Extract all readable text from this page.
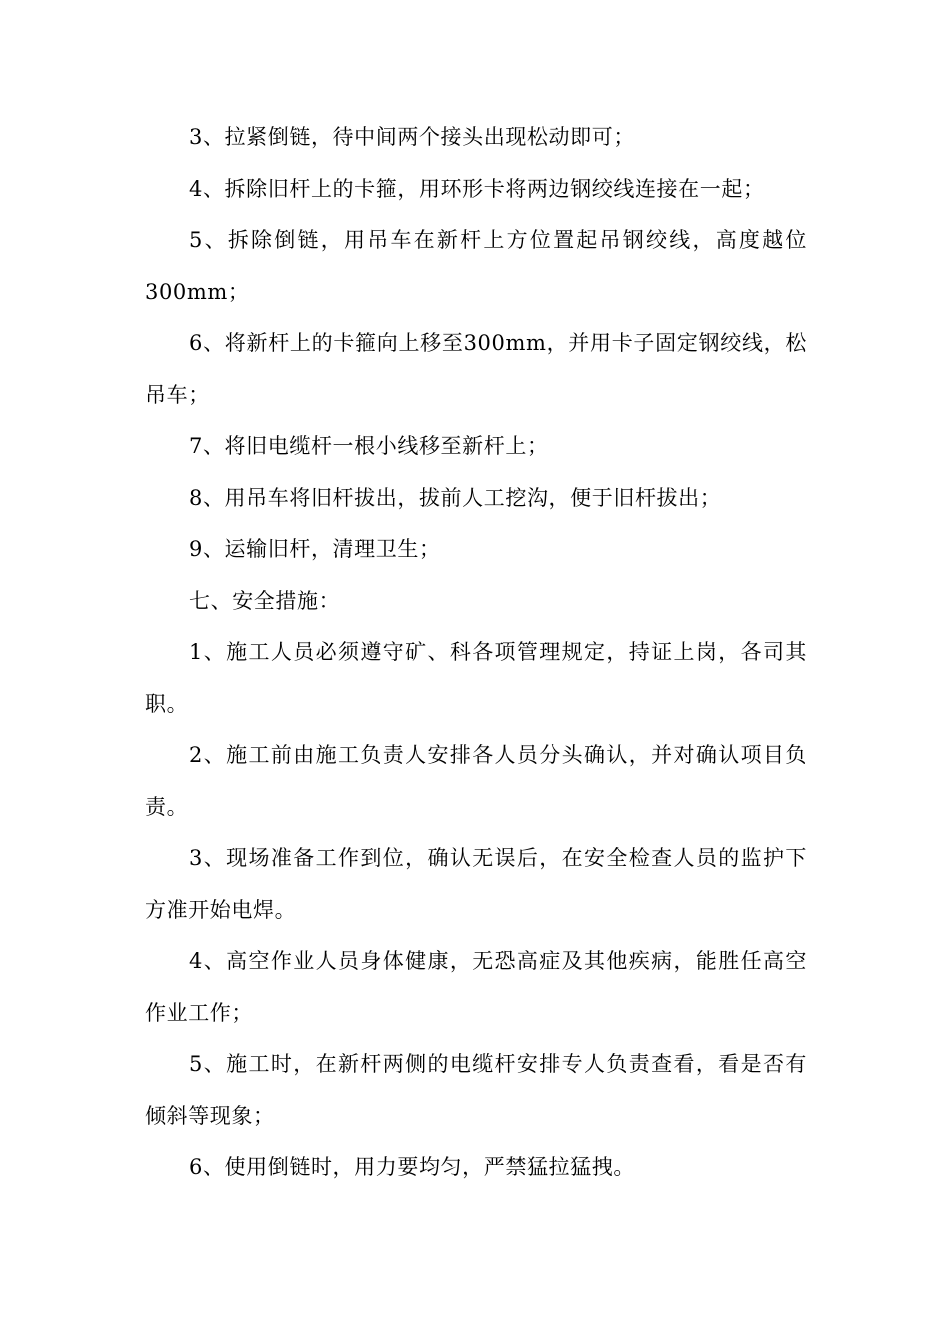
3、拉紧倒链，待中间两个接头出现松动即可；

4、拆除旧杆上的卡箍，用环形卡将两边钢绞线连接在一起；

5、拆除倒链，用吊车在新杆上方位置起吊钢绞线，高度越位300mm；

6、将新杆上的卡箍向上移至300mm，并用卡子固定钢绞线，松吊车；

7、将旧电缆杆一根小线移至新杆上；

8、用吊车将旧杆拔出，拔前人工挖沟，便于旧杆拔出；

9、运输旧杆，清理卫生；

七、安全措施：

1、施工人员必须遵守矿、科各项管理规定，持证上岗，各司其职。

2、施工前由施工负责人安排各人员分头确认，并对确认项目负责。

3、现场准备工作到位，确认无误后，在安全检查人员的监护下方准开始电焊。

4、高空作业人员身体健康，无恐高症及其他疾病，能胜任高空作业工作；

5、施工时，在新杆两侧的电缆杆安排专人负责查看，看是否有倾斜等现象；

6、使用倒链时，用力要均匀，严禁猛拉猛拽。
